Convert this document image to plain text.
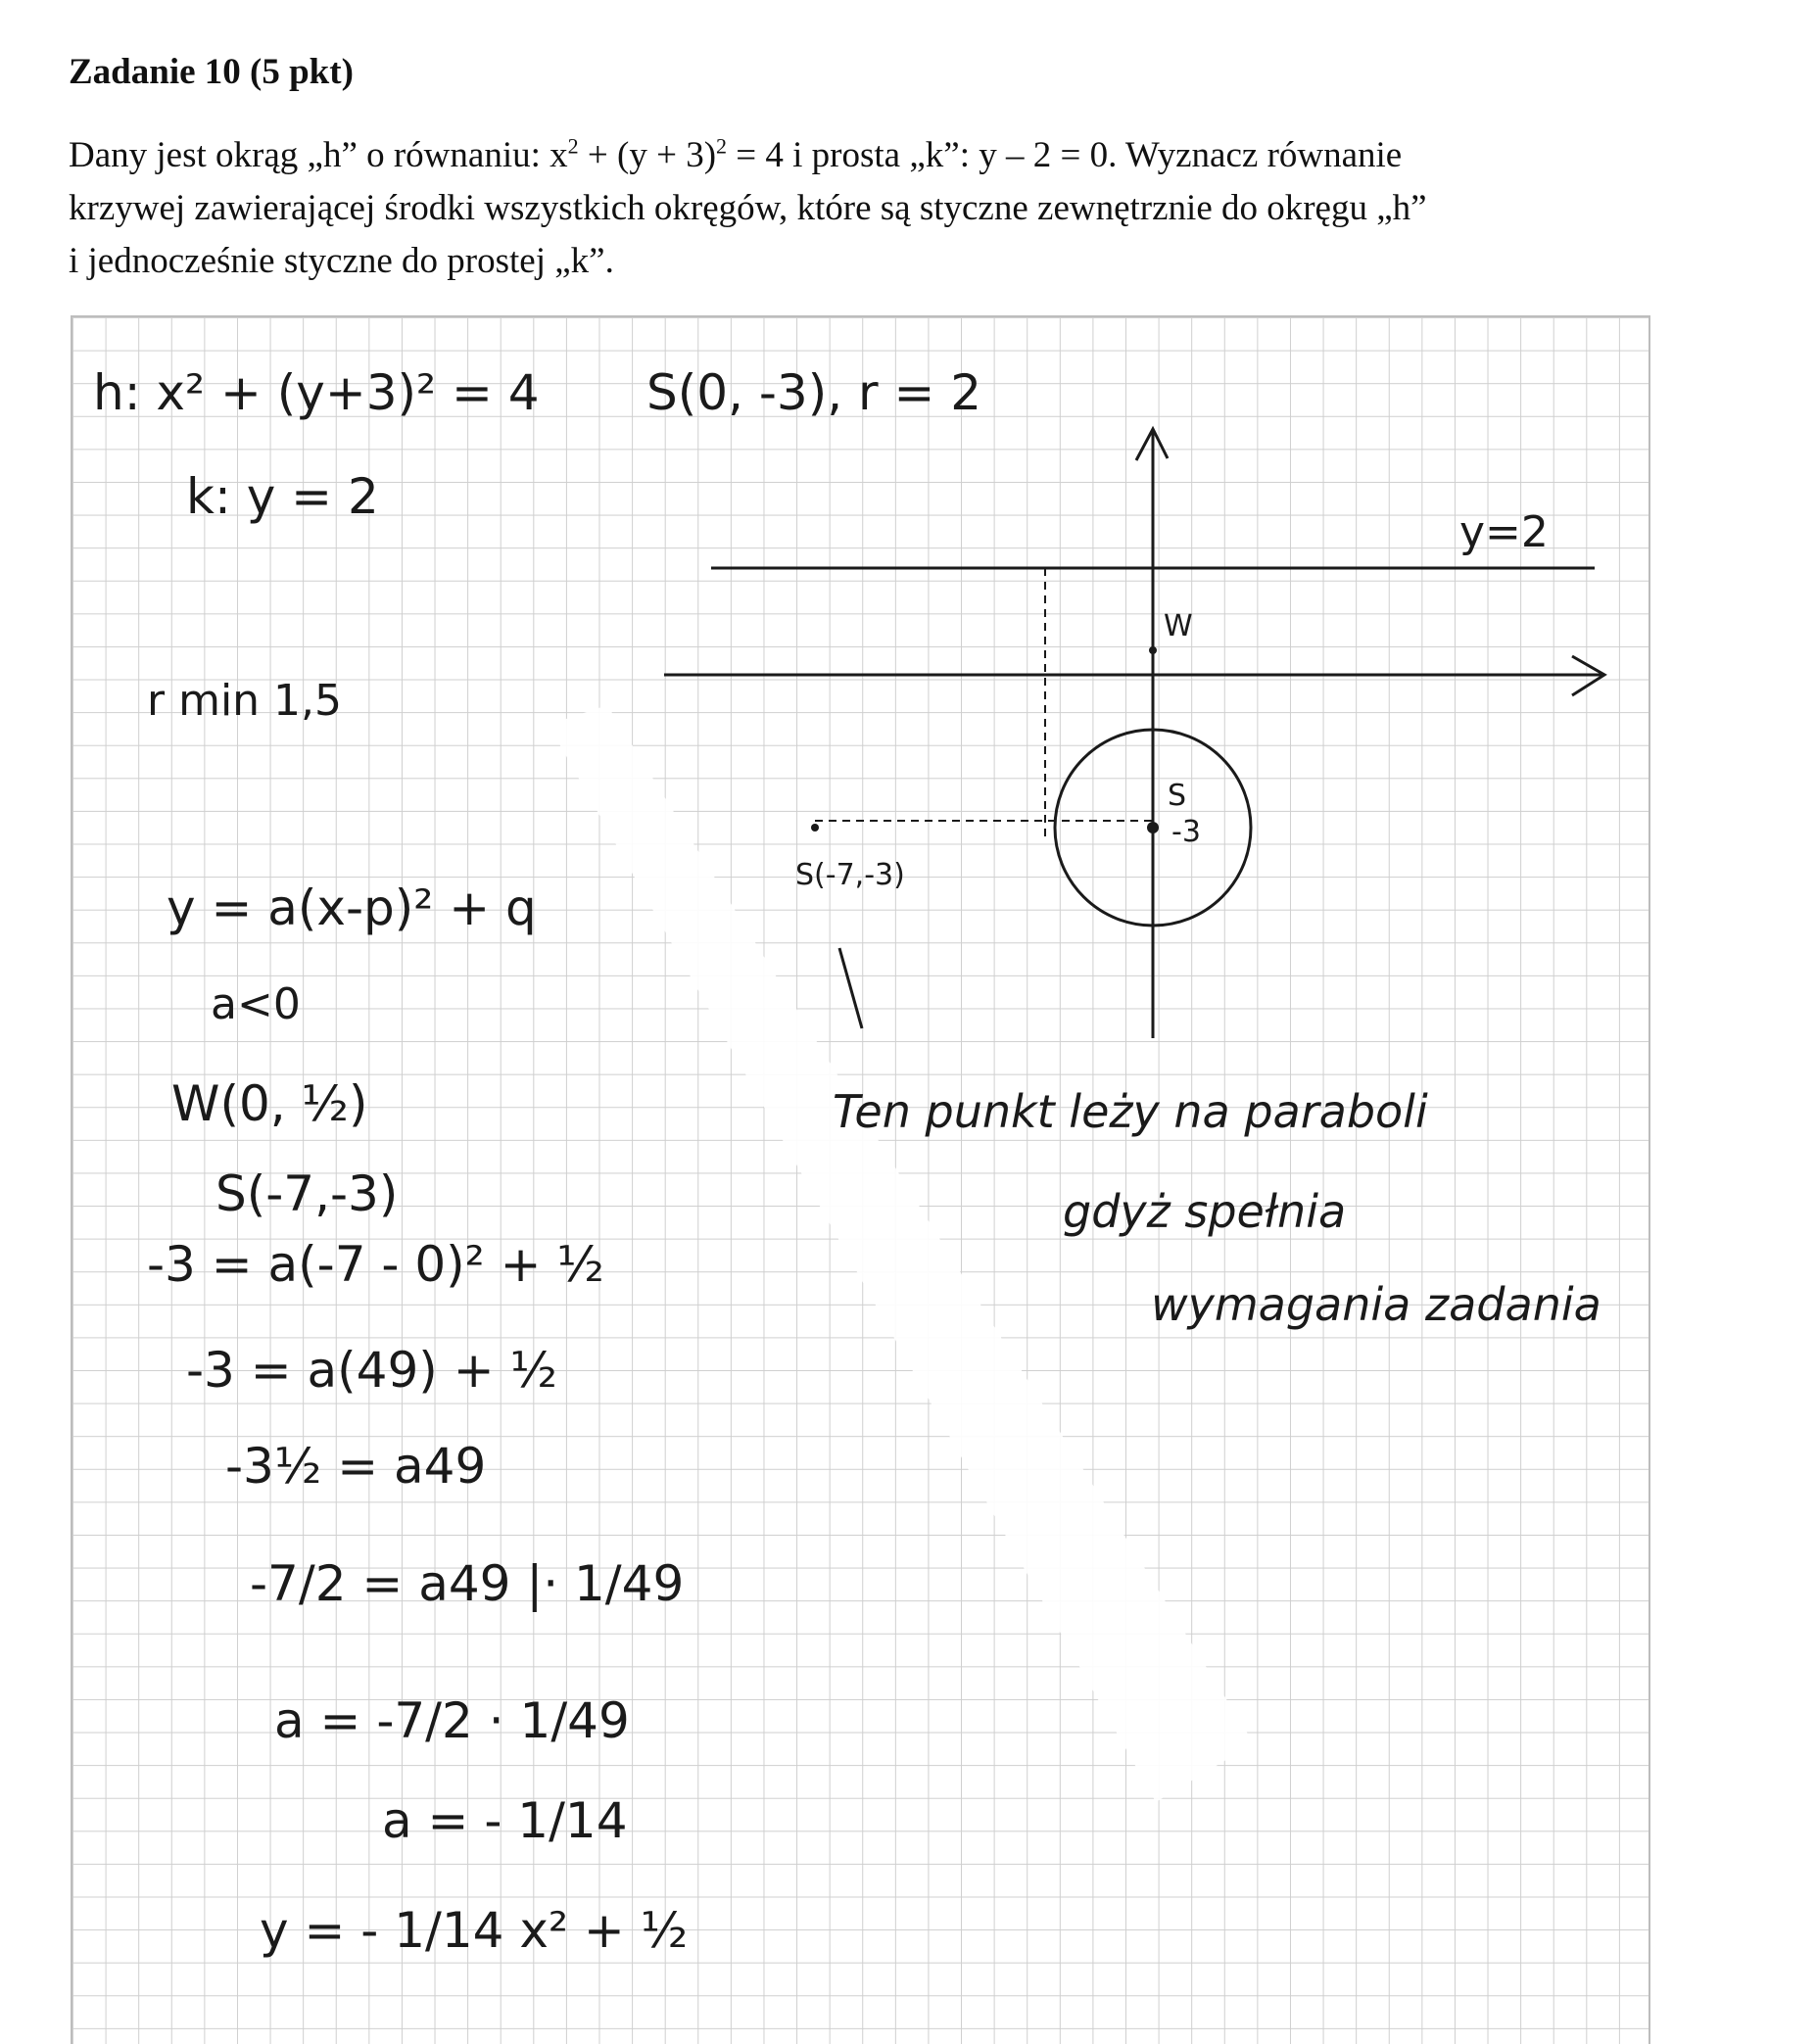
Zadanie 10 (5 pkt)
Dany jest okrąg „h” o równaniu: $x^2 + (y + 3)^2 = 4$ i prosta „k”: y – 2 = 0. Wyznacz równanie
krzywej zawierającej środki wszystkich okręgów, które są styczne zewnętrznie do okręgu „h”
i jednocześnie styczne do prostej „k”.
h: x² + (y+3)² = 4 S(0, -3), r = 2
k: y = 2
r min 1,5
y = a(x-p)² + q
a<0
W(0, ½)
S(-7,-3)
-3 = a(-7 - 0)² + ½
-3 = a(49) + ½
-3½ = a49
-7/2 = a49 |· 1/49
a = -7/2 · 1/49
a = - 1/14
y = - 1/14 x² + ½
y=2
W
S
-3
S(-7,-3)
Ten punkt leży na paraboli
gdyż spełnia
wymagania zadania
